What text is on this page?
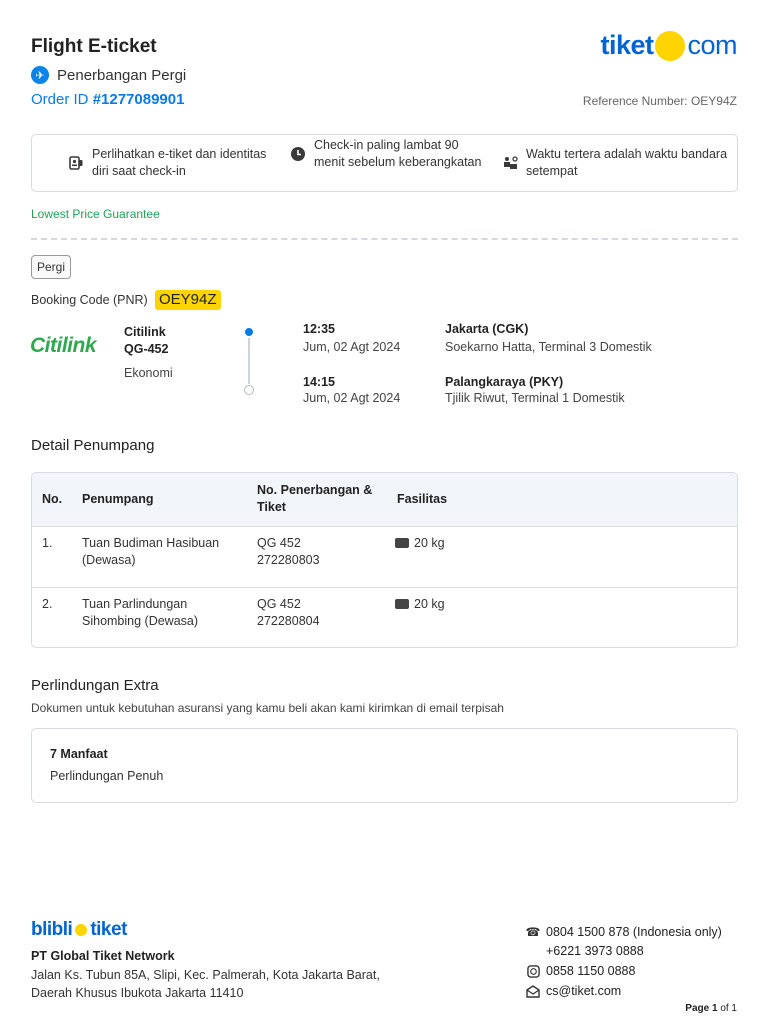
Flight E-ticket	tiket com
✈ Penerbangan Pergi
Order ID #1277089901	Reference Number: OEY94Z
Perlihatkan e-tiket dan identitas diri saat check-in
Check-in paling lambat 90 menit sebelum keberangkatan
Waktu tertera adalah waktu bandara setempat
Lowest Price Guarantee
Pergi
Booking Code (PNR) OEY94Z
Citilink
Citilink
QG-452
Ekonomi
12:35
Jum, 02 Agt 2024
Jakarta (CGK)
Soekarno Hatta, Terminal 3 Domestik
14:15
Jum, 02 Agt 2024
Palangkaraya (PKY)
Tjilik Riwut, Terminal 1 Domestik
Detail Penumpang
No. Penumpang
No. Penerbangan & Tiket
Fasilitas
1. Tuan Budiman Hasibuan (Dewasa)
QG 452
272280803
20 kg
2. Tuan Parlindungan Sihombing (Dewasa)
QG 452
272280804
20 kg
Perlindungan Extra
Dokumen untuk kebutuhan asuransi yang kamu beli akan kami kirimkan di email terpisah
7 Manfaat
Perlindungan Penuh
blibli tiket
PT Global Tiket Network
Jalan Ks. Tubun 85A, Slipi, Kec. Palmerah, Kota Jakarta Barat,
Daerah Khusus Ibukota Jakarta 11410
☎ 0804 1500 878 (Indonesia only)
+6221 3973 0888
0858 1150 0888
cs@tiket.com
Page 1 of 1
